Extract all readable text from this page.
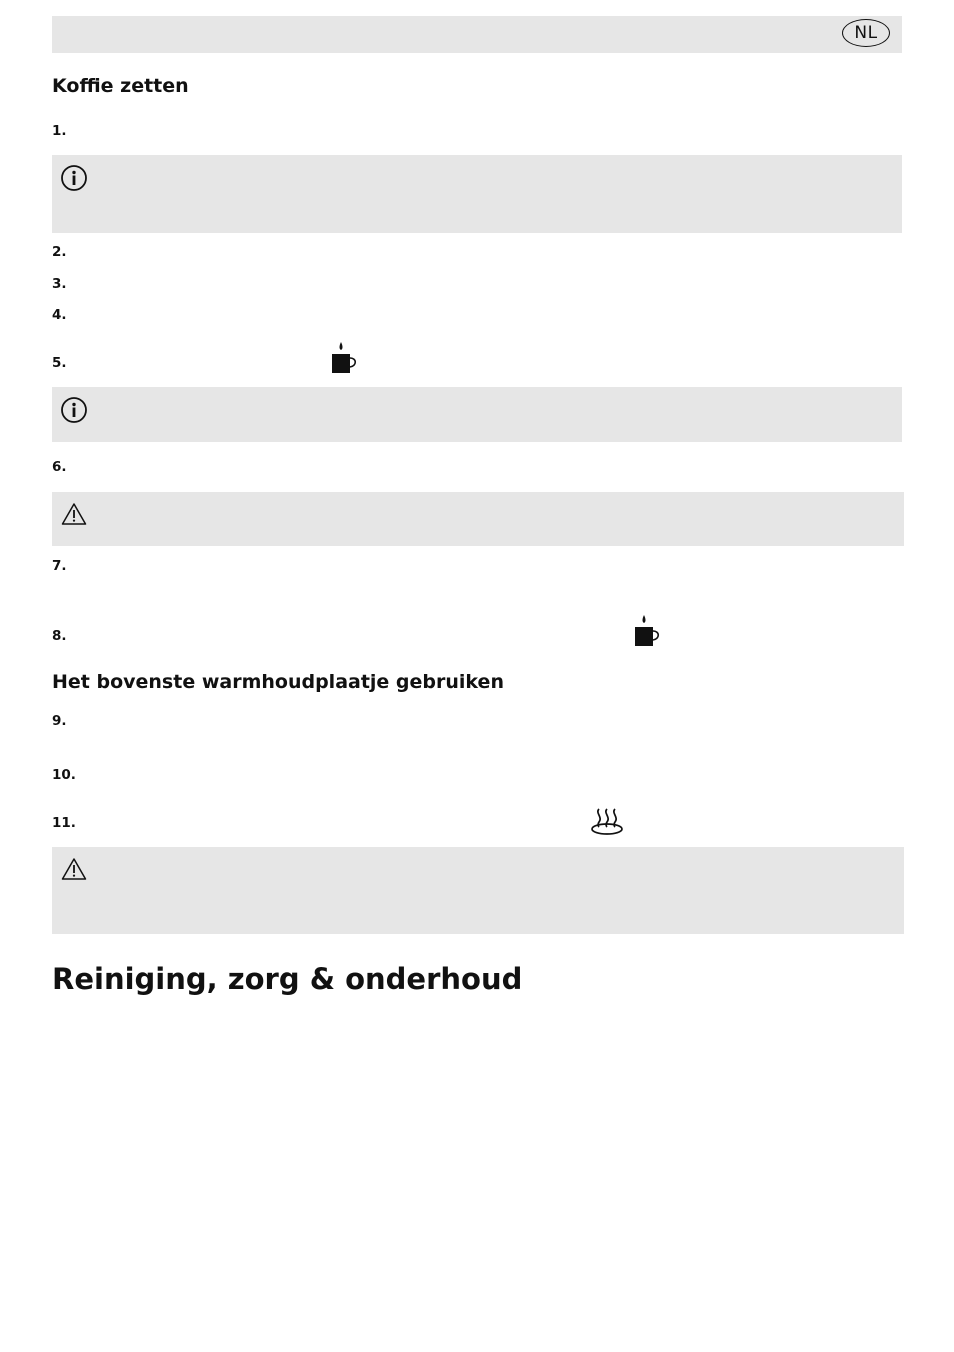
NL
Koffie zetten
1.
2.
3.
4.
5.
6.
7.
8.
Het bovenste warmhoudplaatje gebruiken
9.
10.
11.
Reiniging, zorg & onderhoud
